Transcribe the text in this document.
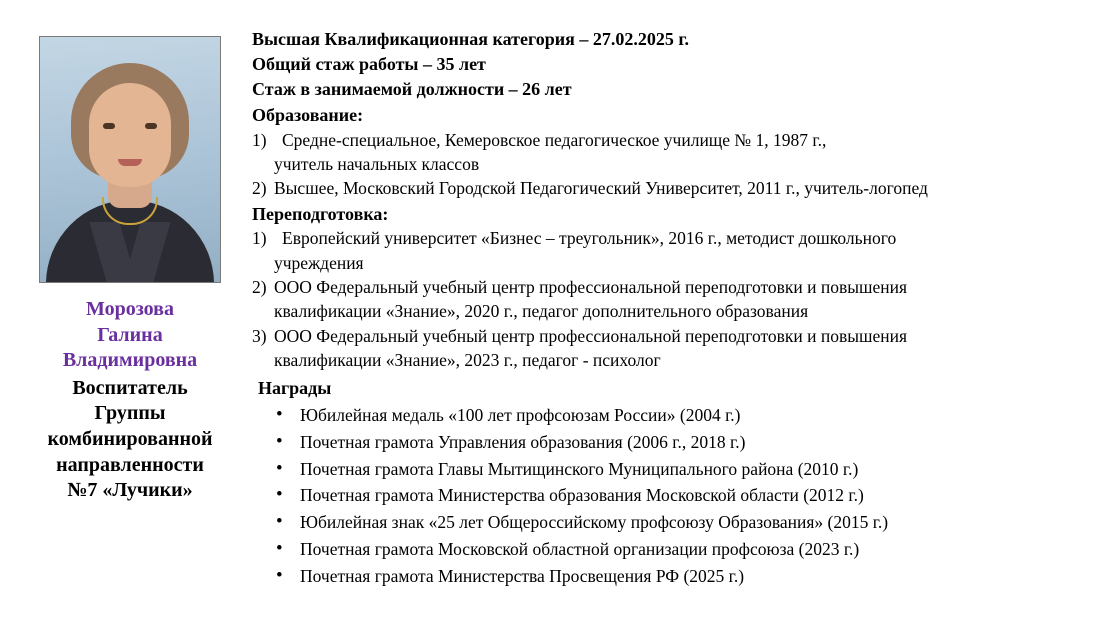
Морозова
Галина
Владимировна
Воспитатель
Группы
комбинированной
направленности
№7 «Лучики»
Высшая Квалификационная категория – 27.02.2025 г.
Общий стаж работы – 35 лет
Стаж в занимаемой должности – 26 лет
Образование:
1) Средне-специальное, Кемеровское педагогическое училище № 1, 1987 г.,
учитель начальных классов
2) Высшее, Московский Городской Педагогический Университет, 2011 г., учитель-логопед
Переподготовка:
1) Европейский университет «Бизнес – треугольник», 2016 г., методист дошкольного
учреждения
2) ООО Федеральный учебный центр профессиональной переподготовки и повышения
квалификации «Знание», 2020 г., педагог дополнительного образования
3) ООО Федеральный учебный центр профессиональной переподготовки и повышения
квалификации «Знание», 2023 г., педагог - психолог
Награды
• Юбилейная медаль «100 лет профсоюзам России» (2004 г.)
• Почетная грамота Управления образования (2006 г., 2018 г.)
• Почетная грамота Главы Мытищинского Муниципального района (2010 г.)
• Почетная грамота Министерства образования Московской области (2012 г.)
• Юбилейная знак «25 лет Общероссийскому профсоюзу Образования» (2015 г.)
• Почетная грамота Московской областной организации профсоюза (2023 г.)
• Почетная грамота Министерства Просвещения РФ (2025 г.)
